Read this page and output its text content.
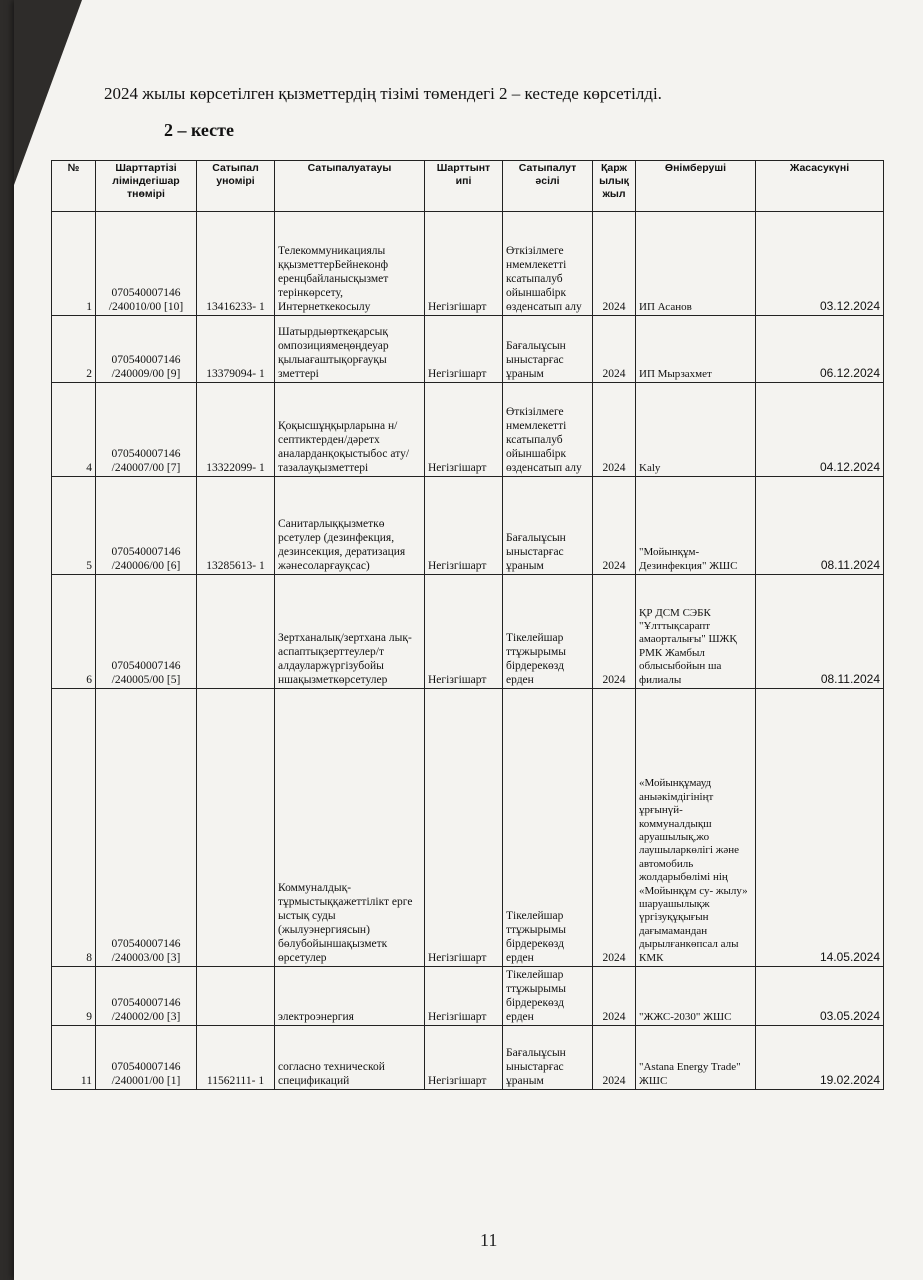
2024 жылы көрсетілген қызметтердің тізімі төмендегі 2 – кестеде көрсетілді.
2 – кесте
№	Шарттартізі ліміндегішар тнөмірі	Сатыпал уномірі	Сатыпалуатауы	Шарттынт ипі	Сатыпалут әсілі	Қарж ылық жыл	Өнімберуші	Жасасукүні
1	070540007146 /240010/00 [10]	13416233- 1	Телекоммуникациялы ққызметтерБейнеконф еренцбайланысқызмет терінкөрсету, Интернеткекосылу	Негізгішарт	Өткізілмеге нмемлекетті ксатыпалуб ойыншабірк өзденсатып алу	2024	ИП Асанов	03.12.2024
2	070540007146 /240009/00 [9]	13379094- 1	Шатырдыөрткеқарсық омпозициямеңөңдеуар қылыағаштықорғауқы зметтері	Негізгішарт	Бағалыұсын ыныстарғас ұраным	2024	ИП Мырзахмет	06.12.2024
4	070540007146 /240007/00 [7]	13322099- 1	Қоқысшұңқырларына н/септиктерден/дәретх аналарданқоқыстыбос ату/тазалауқызметтері	Негізгішарт	Өткізілмеге нмемлекетті ксатыпалуб ойыншабірк өзденсатып алу	2024	Kaly	04.12.2024
5	070540007146 /240006/00 [6]	13285613- 1	Санитарлыққызметкө рсетулер (дезинфекция, дезинсекция, дератизация жәнесоларғауқсас)	Негізгішарт	Бағалыұсын ыныстарғас ұраным	2024	"Мойынқұм- Дезинфекция" ЖШС	08.11.2024
6	070540007146 /240005/00 [5]		Зертханалық/зертхана лық- аспаптықзерттеулер/т алдауларжүргізубойы ншақызметкөрсетулер	Негізгішарт	Тікелейшар ттұжырымы бірдерекөзд ерден	2024	ҚР ДСМ СЭБК "Ұлттықсарапт амаорталығы" ШЖҚ РМК Жамбыл облысыбойын ша филиалы	08.11.2024
8	070540007146 /240003/00 [3]		Коммуналдық- тұрмыстыққажеттілікт ерге ыстық суды (жылуэнергиясын) бөлубойыншақызметк өрсетулер	Негізгішарт	Тікелейшар ттұжырымы бірдерекөзд ерден	2024	«Мойынқұмауд аныәкімдігініңт ұрғынүй- коммуналдықш аруашылық,жо лаушыларкөлігі және автомобиль жолдарыбөлімі нің «Мойынқұм су- жылу» шаруашылықж үргізуқұқығын дағымамандан дырылғанкөпсал алы КМК	14.05.2024
9	070540007146 /240002/00 [3]		электроэнергия	Негізгішарт	Тікелейшар ттұжырымы бірдерекөзд ерден	2024	"ЖЖС-2030" ЖШС	03.05.2024
11	070540007146 /240001/00 [1]	11562111- 1	согласно технической спецификаций	Негізгішарт	Бағалыұсын ыныстарғас ұраным	2024	"Astana Energy Trade" ЖШС	19.02.2024
11
